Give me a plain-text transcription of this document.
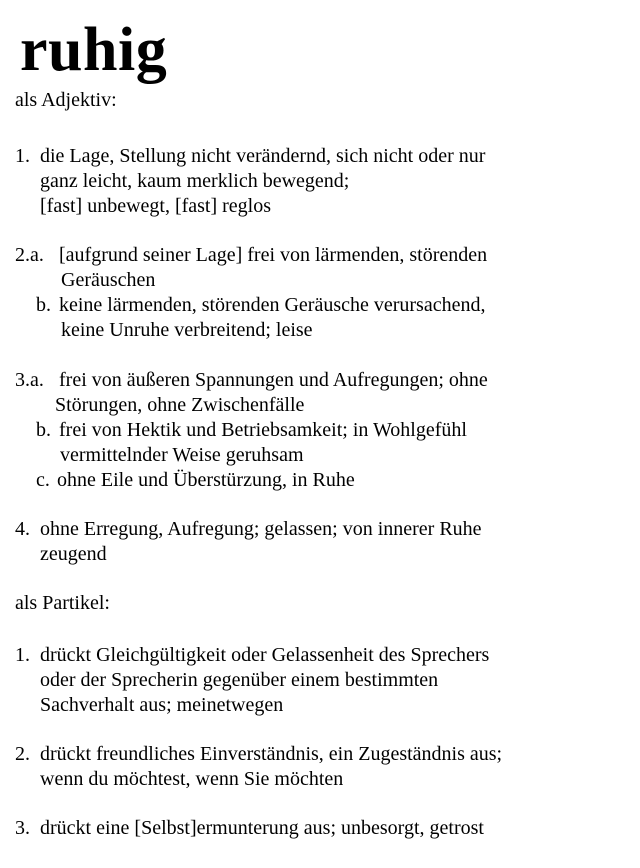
ruhig
als Adjektiv:
1. die Lage, Stellung nicht verändernd, sich nicht oder nur
ganz leicht, kaum merklich bewegend;
[fast] unbewegt, [fast] reglos
2.a. [aufgrund seiner Lage] frei von lärmenden, störenden
Geräuschen
b. keine lärmenden, störenden Geräusche verursachend,
keine Unruhe verbreitend; leise
3.a. frei von äußeren Spannungen und Aufregungen; ohne
Störungen, ohne Zwischenfälle
b. frei von Hektik und Betriebsamkeit; in Wohlgefühl
vermittelnder Weise geruhsam
c. ohne Eile und Überstürzung, in Ruhe
4. ohne Erregung, Aufregung; gelassen; von innerer Ruhe
zeugend
als Partikel:
1. drückt Gleichgültigkeit oder Gelassenheit des Sprechers
oder der Sprecherin gegenüber einem bestimmten
Sachverhalt aus; meinetwegen
2. drückt freundliches Einverständnis, ein Zugeständnis aus;
wenn du möchtest, wenn Sie möchten
3. drückt eine [Selbst]ermunterung aus; unbesorgt, getrost
